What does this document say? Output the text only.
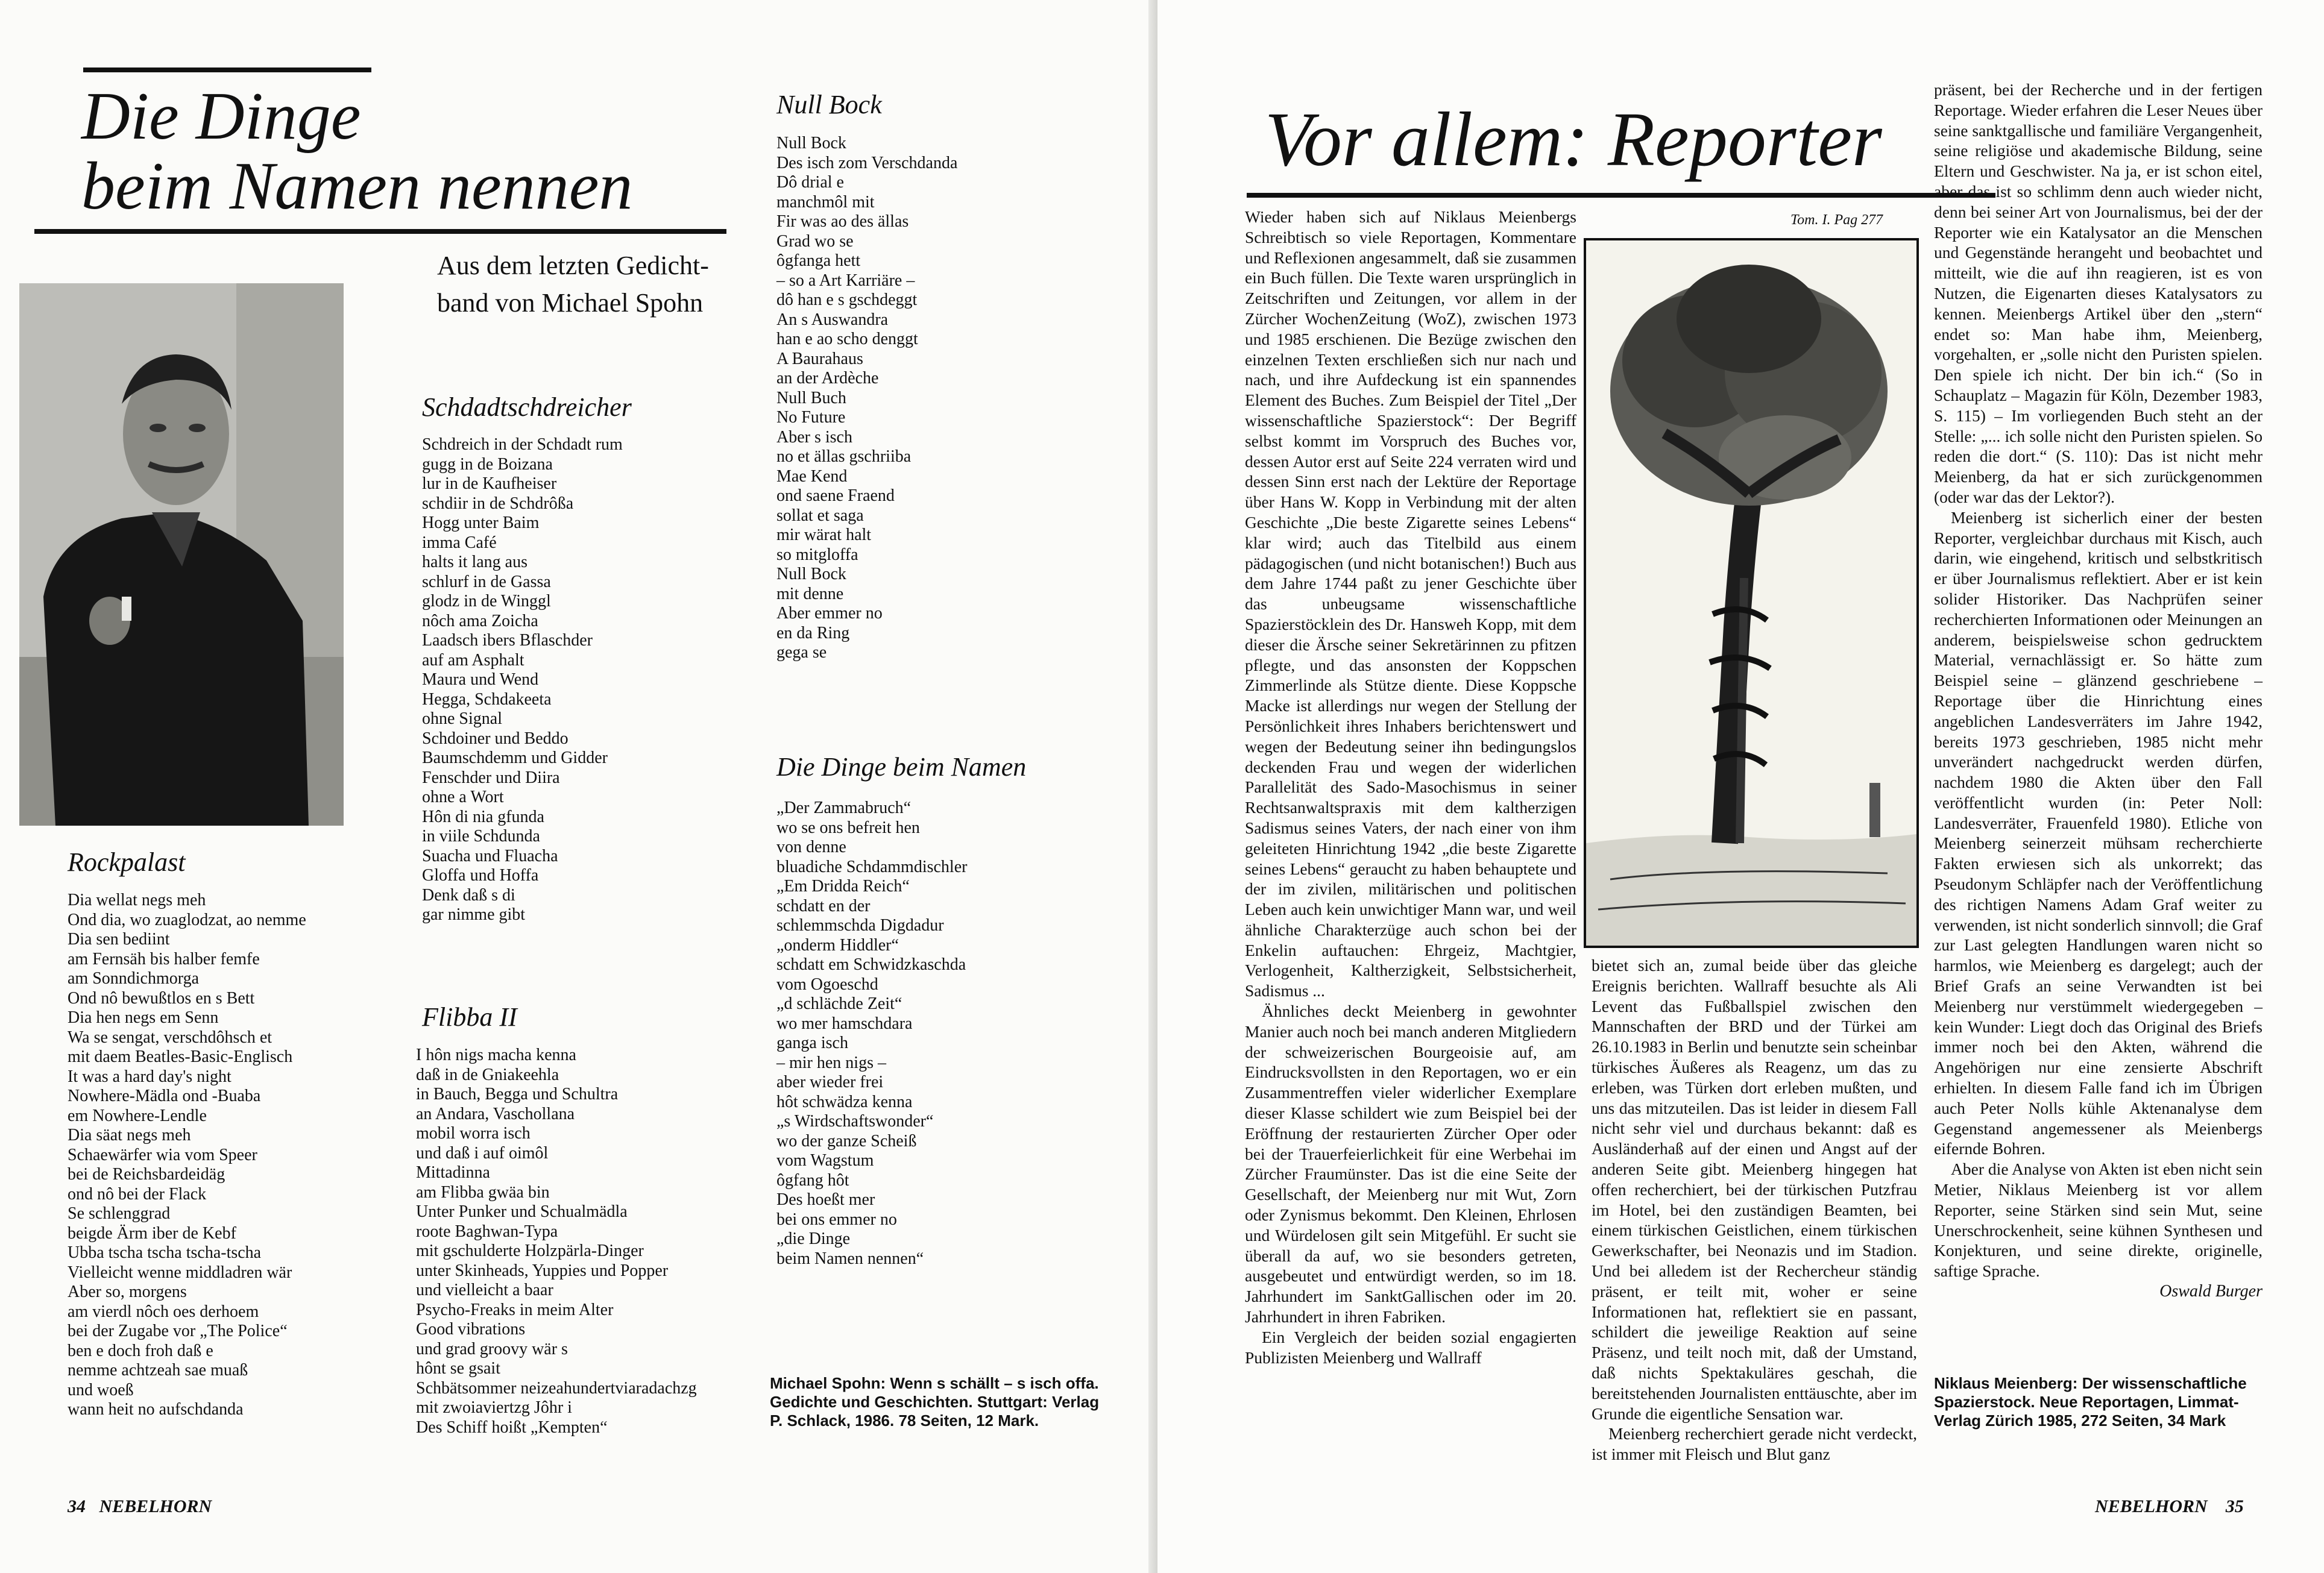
Die Dinge
beim Namen nennen
Aus dem letzten Gedicht-
band von Michael Spohn
Rockpalast
Dia wellat negs meh
Ond dia, wo zuaglodzat, ao nemme
Dia sen bediint
am Fernsäh bis halber femfe
am Sonndichmorga
Ond nô bewußtlos en s Bett
Dia hen negs em Senn
Wa se sengat, verschdôhsch et
mit daem Beatles-Basic-Englisch
It was a hard day's night
Nowhere-Mädla ond -Buaba
em Nowhere-Lendle
Dia säat negs meh
Schaewärfer wia vom Speer
bei de Reichsbardeidäg
ond nô bei der Flack
Se schlenggrad
beigde Ärm iber de Kebf
Ubba tscha tscha tscha-tscha
Vielleicht wenne middladren wär
Aber so, morgens
am vierdl nôch oes derhoem
bei der Zugabe vor „The Police“
ben e doch froh daß e
nemme achtzeah sae muaß
und woeß
wann heit no aufschdanda
Schdadtschdreicher
Schdreich in der Schdadt rum
gugg in de Boizana
lur in de Kaufheiser
schdiir in de Schdrôßa
Hogg unter Baim
imma Café
halts it lang aus
schlurf in de Gassa
glodz in de Winggl
nôch ama Zoicha
Laadsch ibers Bflaschder
auf am Asphalt
Maura und Wend
Hegga, Schdakeeta
ohne Signal
Schdoiner und Beddo
Baumschdemm und Gidder
Fenschder und Diira
ohne a Wort
Hôn di nia gfunda
in viile Schdunda
Suacha und Fluacha
Gloffa und Hoffa
Denk daß s di
gar nimme gibt
Flibba II
I hôn nigs macha kenna
daß in de Gniakeehla
in Bauch, Begga und Schultra
an Andara, Vaschollana
mobil worra isch
und daß i auf oimôl
Mittadinna
am Flibba gwäa bin
Unter Punker und Schualmädla
roote Baghwan-Typa
mit gschulderte Holzpärla-Dinger
unter Skinheads, Yuppies und Popper
und vielleicht a baar
Psycho-Freaks in meim Alter
Good vibrations
und grad groovy wär s
hônt se gsait
Schbätsommer neizeahundertviaradachzg
mit zwoiaviertzg Jôhr i
Des Schiff hoißt „Kempten“
Null Bock
Null Bock
Des isch zom Verschdanda
Dô drial e
manchmôl mit
Fir was ao des ällas
Grad wo se
ôgfanga hett
– so a Art Karriäre –
dô han e s gschdeggt
An s Auswandra
han e ao scho denggt
A Baurahaus
an der Ardèche
Null Buch
No Future
Aber s isch
no et ällas gschriiba
Mae Kend
ond saene Fraend
sollat et saga
mir wärat halt
so mitgloffa
Null Bock
mit denne
Aber emmer no
en da Ring
gega se
Die Dinge beim Namen
„Der Zammabruch“
wo se ons befreit hen
von denne
bluadiche Schdammdischler
„Em Dridda Reich“
schdatt en der
schlemmschda Digdadur
„onderm Hiddler“
schdatt em Schwidzkaschda
vom Ogoeschd
„d schlächde Zeit“
wo mer hamschdara
ganga isch
– mir hen nigs –
aber wieder frei
hôt schwädza kenna
„s Wirdschaftswonder“
wo der ganze Scheiß
vom Wagstum
ôgfang hôt
Des hoeßt mer
bei ons emmer no
„die Dinge
beim Namen nennen“
Michael Spohn: Wenn s schällt – s isch offa. Gedichte und Geschichten. Stuttgart: Verlag P. Schlack, 1986. 78 Seiten, 12 Mark.
34 NEBELHORN
Vor allem: Reporter

Wieder haben sich auf Niklaus Meienbergs Schreibtisch so viele Reportagen, Kommentare und Reflexionen angesammelt, daß sie zusammen ein Buch füllen. Die Texte waren ursprünglich in Zeitschriften und Zeitungen, vor allem in der Zürcher WochenZeitung (WoZ), zwischen 1973 und 1985 erschienen. Die Bezüge zwischen den einzelnen Texten erschließen sich nur nach und nach, und ihre Aufdeckung ist ein spannendes Element des Buches. Zum Beispiel der Titel „Der wissenschaftliche Spazierstock“: Der Begriff selbst kommt im Vorspruch des Buches vor, dessen Autor erst auf Seite 224 verraten wird und dessen Sinn erst nach der Lektüre der Reportage über Hans W. Kopp in Verbindung mit der alten Geschichte „Die beste Zigarette seines Lebens“ klar wird; auch das Titelbild aus einem pädagogischen (und nicht botanischen!) Buch aus dem Jahre 1744 paßt zu jener Geschichte über das unbeugsame wissenschaftliche Spazierstöcklein des Dr. Hansweh Kopp, mit dem dieser die Ärsche seiner Sekretärinnen zu pfitzen pflegte, und das ansonsten der Koppschen Zimmerlinde als Stütze diente. Diese Koppsche Macke ist allerdings nur wegen der Stellung der Persönlichkeit ihres Inhabers berichtenswert und wegen der Bedeutung seiner ihn bedingungslos deckenden Frau und wegen der widerlichen Parallelität des Sado-Masochismus in seiner Rechtsanwaltspraxis mit dem kaltherzigen Sadismus seines Vaters, der nach einer von ihm geleiteten Hinrichtung 1942 „die beste Zigarette seines Lebens“ geraucht zu haben behauptete und der im zivilen, militärischen und politischen Leben auch kein unwichtiger Mann war, und weil ähnliche Charakterzüge auch schon bei der Enkelin auftauchen: Ehrgeiz, Machtgier, Verlogenheit, Kaltherzigkeit, Selbstsicherheit, Sadismus ...

Ähnliches deckt Meienberg in gewohnter Manier auch noch bei manch anderen Mitgliedern der schweizerischen Bourgeoisie auf, am Eindrucksvollsten in den Reportagen, wo er ein Zusammentreffen vieler widerlicher Exemplare dieser Klasse schildert wie zum Beispiel bei der Eröffnung der restaurierten Zürcher Oper oder bei der Trauerfeierlichkeit für eine Werbehai im Zürcher Fraumünster. Das ist die eine Seite der Gesellschaft, der Meienberg nur mit Wut, Zorn oder Zynismus bekommt. Den Kleinen, Ehrlosen und Würdelosen gilt sein Mitgefühl. Er sucht sie überall da auf, wo sie besonders getreten, ausgebeutet und entwürdigt werden, so im 18. Jahrhundert im SanktGallischen oder im 20. Jahrhundert in ihren Fabriken.

Ein Vergleich der beiden sozial engagierten Publizisten Meienberg und Wallraff

Tom. I. Pag 277

bietet sich an, zumal beide über das gleiche Ereignis berichten. Wallraff besuchte als Ali Levent das Fußballspiel zwischen den Mannschaften der BRD und der Türkei am 26.10.1983 in Berlin und benutzte sein scheinbar türkisches Äußeres als Reagenz, um das zu erleben, was Türken dort erleben mußten, und uns das mitzuteilen. Das ist leider in diesem Fall nicht sehr viel und durchaus bekannt: daß es Ausländerhaß auf der einen und Angst auf der anderen Seite gibt. Meienberg hingegen hat offen recherchiert, bei der türkischen Putzfrau im Hotel, bei den zuständigen Beamten, bei einem türkischen Geistlichen, einem türkischen Gewerkschafter, bei Neonazis und im Stadion. Und bei alledem ist der Rechercheur ständig präsent, er teilt mit, woher er seine Informationen hat, reflektiert sie en passant, schildert die jeweilige Reaktion auf seine Präsenz, und teilt noch mit, daß der Umstand, daß nichts Spektakuläres geschah, die bereitstehenden Journalisten enttäuschte, aber im Grunde die eigentliche Sensation war.

Meienberg recherchiert gerade nicht verdeckt, ist immer mit Fleisch und Blut ganz

präsent, bei der Recherche und in der fertigen Reportage. Wieder erfahren die Leser Neues über seine sanktgallische und familiäre Vergangenheit, seine religiöse und akademische Bildung, seine Eltern und Geschwister. Na ja, er ist schon eitel, aber das ist so schlimm denn auch wieder nicht, denn bei seiner Art von Journalismus, bei der der Reporter wie ein Katalysator an die Menschen und Gegenstände herangeht und beobachtet und mitteilt, wie die auf ihn reagieren, ist es von Nutzen, die Eigenarten dieses Katalysators zu kennen. Meienbergs Artikel über den „stern“ endet so: Man habe ihm, Meienberg, vorgehalten, er „solle nicht den Puristen spielen. Den spiele ich nicht. Der bin ich.“ (So in Schauplatz – Magazin für Köln, Dezember 1983, S. 115) – Im vorliegenden Buch steht an der Stelle: „... ich solle nicht den Puristen spielen. So reden die dort.“ (S. 110): Das ist nicht mehr Meienberg, da hat er sich zurückgenommen (oder war das der Lektor?).

Meienberg ist sicherlich einer der besten Reporter, vergleichbar durchaus mit Kisch, auch darin, wie eingehend, kritisch und selbstkritisch er über Journalismus reflektiert. Aber er ist kein solider Historiker. Das Nachprüfen seiner recherchierten Informationen oder Meinungen an anderem, beispielsweise schon gedrucktem Material, vernachlässigt er. So hätte zum Beispiel seine – glänzend geschriebene – Reportage über die Hinrichtung eines angeblichen Landesverräters im Jahre 1942, bereits 1973 geschrieben, 1985 nicht mehr unverändert nachgedruckt werden dürfen, nachdem 1980 die Akten über den Fall veröffentlicht wurden (in: Peter Noll: Landesverräter, Frauenfeld 1980). Etliche von Meienberg seinerzeit mühsam recherchierte Fakten erwiesen sich als unkorrekt; das Pseudonym Schläpfer nach der Veröffentlichung des richtigen Namens Adam Graf weiter zu verwenden, ist nicht sonderlich sinnvoll; die Graf zur Last gelegten Handlungen waren nicht so harmlos, wie Meienberg es dargelegt; auch der Brief Grafs an seine Verwandten ist bei Meienberg nur verstümmelt wiedergegeben – kein Wunder: Liegt doch das Original des Briefs immer noch bei den Akten, während die Angehörigen nur eine zensierte Abschrift erhielten. In diesem Falle fand ich im Übrigen auch Peter Nolls kühle Aktenanalyse dem Gegenstand angemessener als Meienbergs eifernde Bohren.

Aber die Analyse von Akten ist eben nicht sein Metier, Niklaus Meienberg ist vor allem Reporter, seine Stärken sind sein Mut, seine Unerschrockenheit, seine kühnen Synthesen und Konjekturen, und seine direkte, originelle, saftige Sprache.

Oswald Burger
Niklaus Meienberg: Der wissenschaftliche Spazierstock. Neue Reportagen, Limmat-Verlag Zürich 1985, 272 Seiten, 34 Mark
NEBELHORN 35
